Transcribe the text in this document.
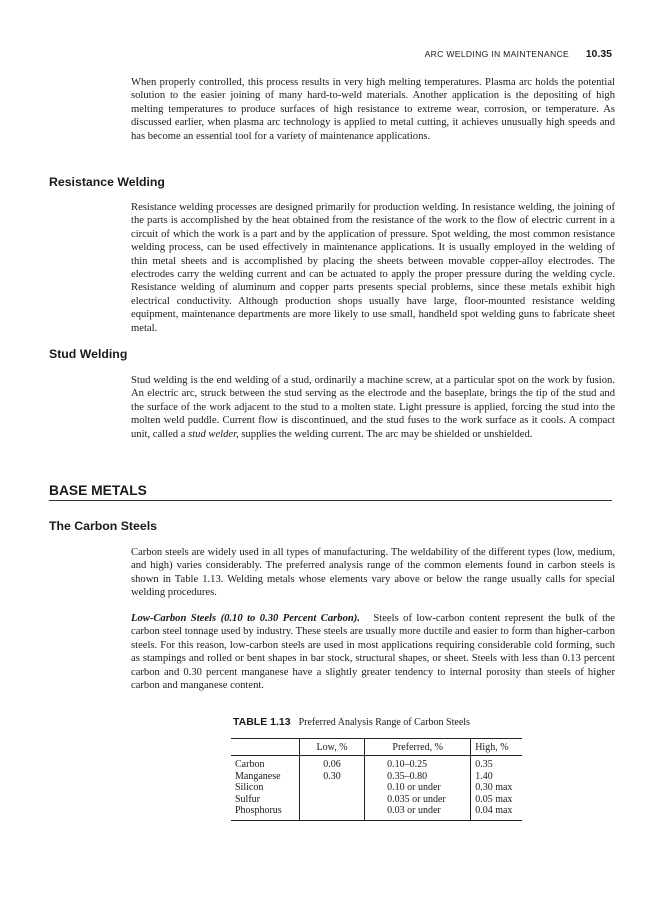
ARC WELDING IN MAINTENANCE 10.35

When properly controlled, this process results in very high melting temperatures. Plasma arc holds the potential solution to the easier joining of many hard-to-weld materials. Another application is the depositing of high melting temperatures to produce surfaces of high resistance to extreme wear, corrosion, or temperature. As discussed earlier, when plasma arc technology is applied to metal cutting, it achieves unusually high speeds and has become an essential tool for a variety of maintenance applications.

Resistance Welding

Resistance welding processes are designed primarily for production welding. In resistance welding, the joining of the parts is accomplished by the heat obtained from the resistance of the work to the flow of electric current in a circuit of which the work is a part and by the application of pressure. Spot welding, the most common resistance welding process, can be used effectively in maintenance applications. It is usually employed in the welding of thin metal sheets and is accomplished by placing the sheets between movable copper-alloy electrodes. The electrodes carry the welding current and can be actuated to apply the proper pressure during the welding cycle. Resistance welding of aluminum and copper parts presents special problems, since these metals exhibit high electrical conductivity. Although production shops usually have large, floor-mounted resistance welding equipment, maintenance departments are more likely to use small, handheld spot welding guns to fabricate sheet metal.

Stud Welding

Stud welding is the end welding of a stud, ordinarily a machine screw, at a particular spot on the work by fusion. An electric arc, struck between the stud serving as the electrode and the baseplate, brings the tip of the stud and the surface of the work adjacent to the stud to a molten state. Light pressure is applied, forcing the stud into the molten weld puddle. Current flow is discontinued, and the stud fuses to the work surface as it cools. A compact unit, called a stud welder, supplies the welding current. The arc may be shielded or unshielded.

BASE METALS
The Carbon Steels

Carbon steels are widely used in all types of manufacturing. The weldability of the different types (low, medium, and high) varies considerably. The preferred analysis range of the common elements found in carbon steels is shown in Table 1.13. Welding metals whose elements vary above or below the range usually calls for special welding procedures.

Low-Carbon Steels (0.10 to 0.30 Percent Carbon). Steels of low-carbon content represent the bulk of the carbon steel tonnage used by industry. These steels are usually more ductile and easier to form than higher-carbon steels. For this reason, low-carbon steels are used in most applications requiring considerable cold forming, such as stampings and rolled or bent shapes in bar stock, structural shapes, or sheet. Steels with less than 0.13 percent carbon and 0.30 percent manganese have a slightly greater tendency to internal porosity than steels of higher carbon and manganese content.

TABLE 1.13 Preferred Analysis Range of Carbon Steels
	Low, %	Preferred, %	High, %
Carbon	0.06	0.10–0.25	0.35
Manganese	0.30	0.35–0.80	1.40
Silicon		0.10 or under	0.30 max
Sulfur		0.035 or under	0.05 max
Phosphorus		0.03 or under	0.04 max
